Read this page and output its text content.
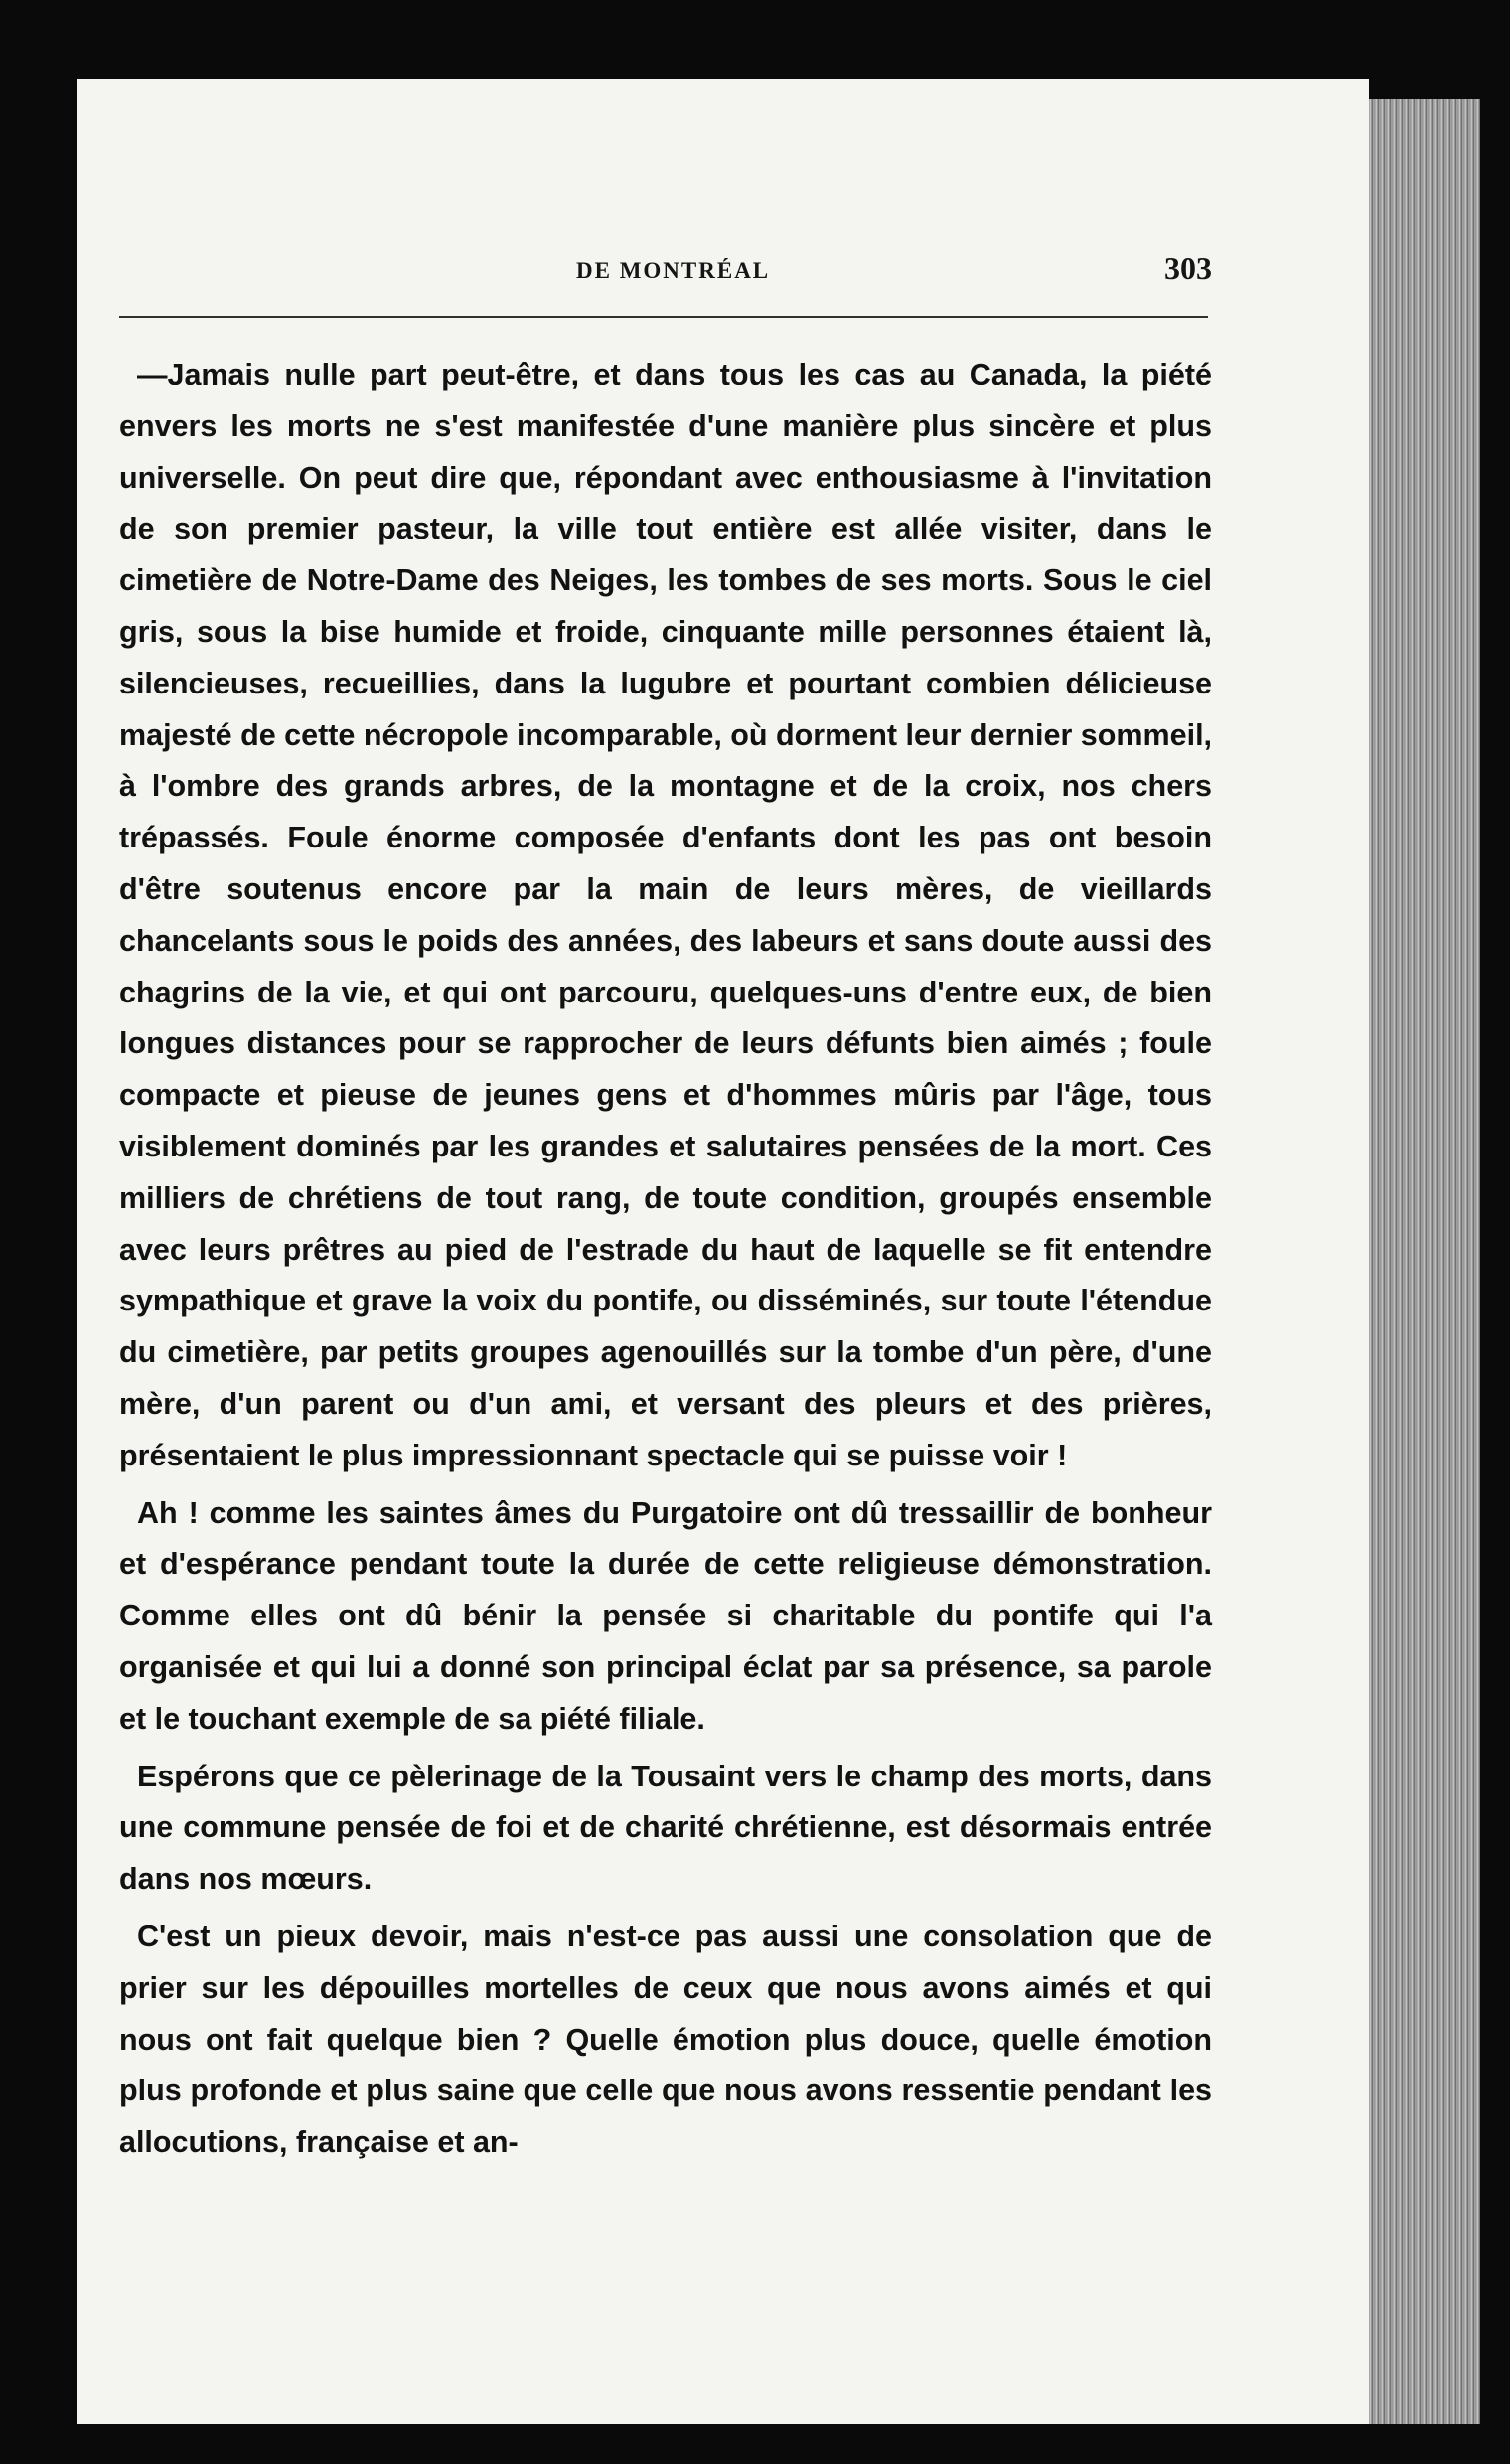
DE MONTRÉAL	303

—Jamais nulle part peut-être, et dans tous les cas au Canada, la piété envers les morts ne s'est manifestée d'une manière plus sincère et plus universelle. On peut dire que, répondant avec enthousiasme à l'invitation de son premier pasteur, la ville tout entière est allée visiter, dans le cimetière de Notre-Dame des Neiges, les tombes de ses morts. Sous le ciel gris, sous la bise humide et froide, cinquante mille personnes étaient là, silencieuses, recueillies, dans la lugubre et pourtant combien délicieuse majesté de cette nécropole incomparable, où dorment leur dernier sommeil, à l'ombre des grands arbres, de la montagne et de la croix, nos chers trépassés. Foule énorme composée d'enfants dont les pas ont besoin d'être soutenus encore par la main de leurs mères, de vieillards chancelants sous le poids des années, des labeurs et sans doute aussi des chagrins de la vie, et qui ont parcouru, quelques-uns d'entre eux, de bien longues distances pour se rapprocher de leurs défunts bien aimés ; foule compacte et pieuse de jeunes gens et d'hommes mûris par l'âge, tous visiblement dominés par les grandes et salutaires pensées de la mort. Ces milliers de chrétiens de tout rang, de toute condition, groupés ensemble avec leurs prêtres au pied de l'estrade du haut de laquelle se fit entendre sympathique et grave la voix du pontife, ou disséminés, sur toute l'étendue du cimetière, par petits groupes agenouillés sur la tombe d'un père, d'une mère, d'un parent ou d'un ami, et versant des pleurs et des prières, présentaient le plus impressionnant spectacle qui se puisse voir !

Ah ! comme les saintes âmes du Purgatoire ont dû tressaillir de bonheur et d'espérance pendant toute la durée de cette religieuse démonstration. Comme elles ont dû bénir la pensée si charitable du pontife qui l'a organisée et qui lui a donné son principal éclat par sa présence, sa parole et le touchant exemple de sa piété filiale.

Espérons que ce pèlerinage de la Tousaint vers le champ des morts, dans une commune pensée de foi et de charité chrétienne, est désormais entrée dans nos mœurs.

C'est un pieux devoir, mais n'est-ce pas aussi une consolation que de prier sur les dépouilles mortelles de ceux que nous avons aimés et qui nous ont fait quelque bien ? Quelle émotion plus douce, quelle émotion plus profonde et plus saine que celle que nous avons ressentie pendant les allocutions, française et an-
